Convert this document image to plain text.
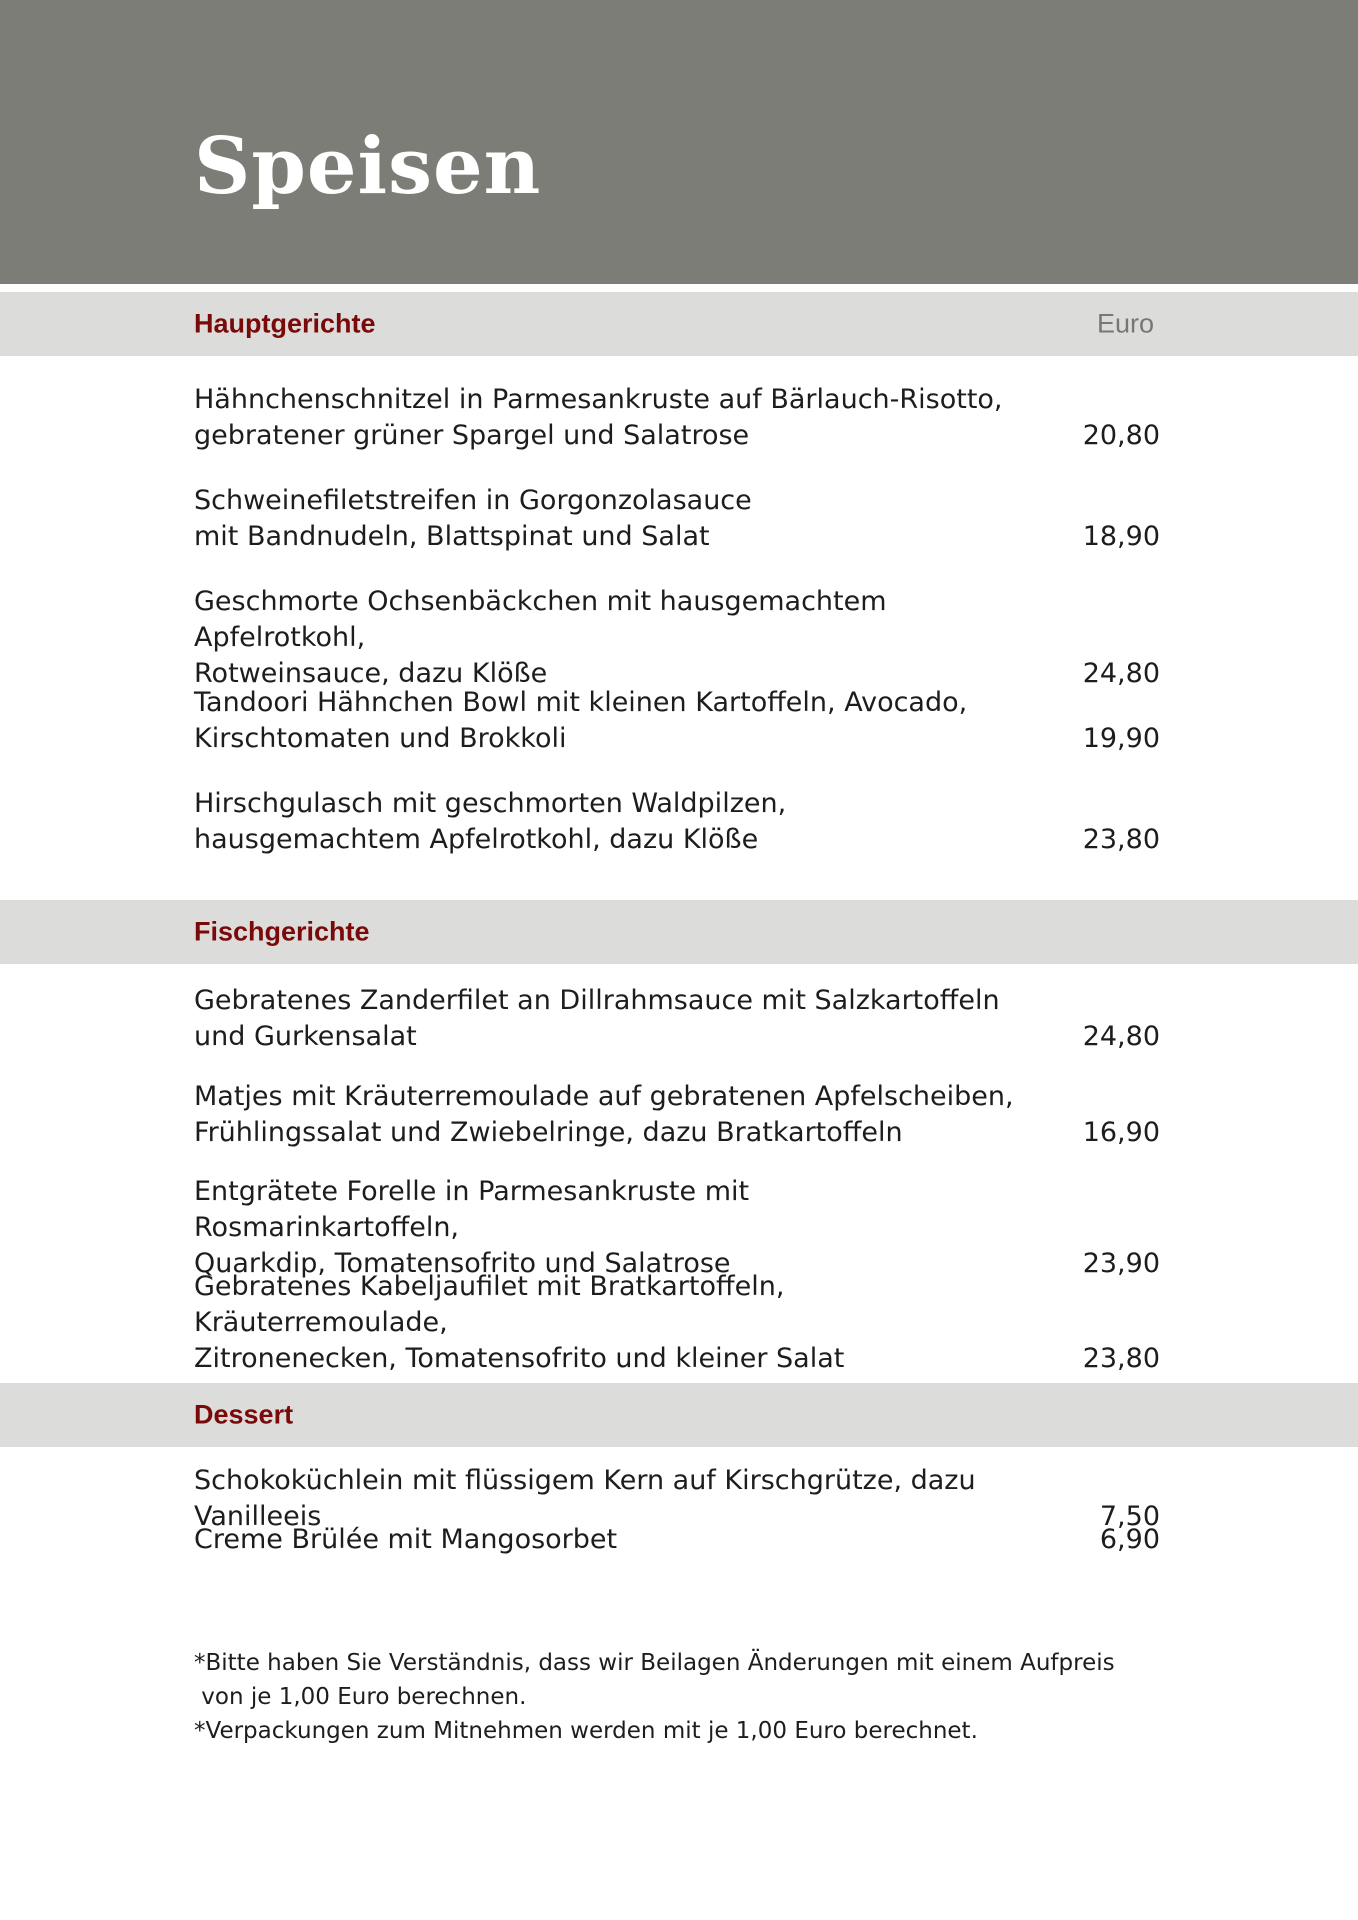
Speisen
Hauptgerichte	Euro
Hähnchenschnitzel in Parmesankruste auf Bärlauch-Risotto,
gebratener grüner Spargel und Salatrose	20,80
Schweinefiletstreifen in Gorgonzolasauce
mit Bandnudeln, Blattspinat und Salat	18,90
Geschmorte Ochsenbäckchen mit hausgemachtem Apfelrotkohl,
Rotweinsauce, dazu Klöße	24,80
Tandoori Hähnchen Bowl mit kleinen Kartoffeln, Avocado,
Kirschtomaten und Brokkoli	19,90
Hirschgulasch mit geschmorten Waldpilzen,
hausgemachtem Apfelrotkohl, dazu Klöße	23,80
Fischgerichte
Gebratenes Zanderfilet an Dillrahmsauce mit Salzkartoffeln
und Gurkensalat	24,80
Matjes mit Kräuterremoulade auf gebratenen Apfelscheiben,
Frühlingssalat und Zwiebelringe, dazu Bratkartoffeln	16,90
Entgrätete Forelle in Parmesankruste mit Rosmarinkartoffeln,
Quarkdip, Tomatensofrito und Salatrose	23,90
Gebratenes Kabeljaufilet mit Bratkartoffeln, Kräuterremoulade,
Zitronenecken, Tomatensofrito und kleiner Salat	23,80
Dessert
Schokoküchlein mit flüssigem Kern auf Kirschgrütze, dazu Vanilleeis	7,50
Creme Brülée mit Mangosorbet	6,90
*Bitte haben Sie Verständnis, dass wir Beilagen Änderungen mit einem Aufpreis
von je 1,00 Euro berechnen.
*Verpackungen zum Mitnehmen werden mit je 1,00 Euro berechnet.
